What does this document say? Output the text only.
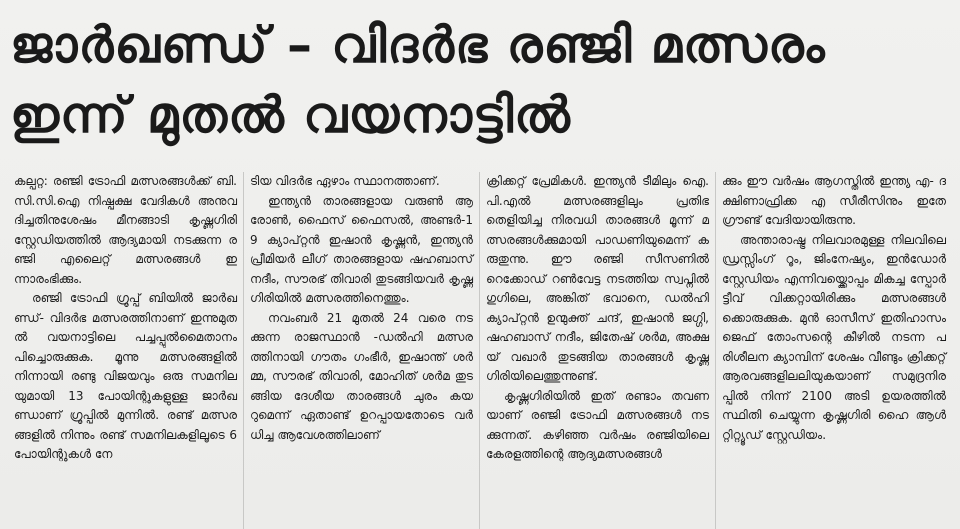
ജാർഖണ്ഡ് – വിദർഭ രഞ്ജി മത്സരം
ഇന്ന് മുതൽ വയനാട്ടിൽ

കല്പറ്റ: രഞ്ജി ട്രോഫി മത്സരങ്ങൾക്ക് ബി.സി.സി.ഐ നിഷ്പക്ഷ വേദികൾ അനുവദിച്ചതിനുശേഷം മീനങ്ങാടി കൃഷ്ണഗിരി സ്റ്റേഡിയത്തിൽ ആദ്യമായി നടക്കുന്ന രഞ്ജി എലൈറ്റ് മത്സരങ്ങൾ ഇന്നാരംഭിക്കും.

രഞ്ജി ട്രോഫി ഗ്രൂപ്പ് ബിയിൽ ജാർഖണ്ഡ്- വിദർഭ മത്സരത്തിനാണ് ഇന്നുമുതൽ വയനാട്ടിലെ പച്ചപ്പുൽമൈതാനം പിച്ചൊരുക്കുക. മൂന്നു മത്സരങ്ങളിൽ നിന്നായി രണ്ടു വിജയവും ഒരു സമനിലയുമായി 13 പോയിന്റുകളുള്ള ജാർഖണ്ഡാണ് ഗ്രൂപ്പിൽ മുന്നിൽ. രണ്ട് മത്സരങ്ങളിൽ നിന്നും രണ്ട് സമനിലകളിലൂടെ 6 പോയിന്റുകൾ നേ

ടിയ വിദർഭ ഏഴാം സ്ഥാനത്താണ്.

ഇന്ത്യൻ താരങ്ങളായ വരുൺ ആരോൺ, ഫൈസ് ഫൈസൽ, അണ്ടർ-19 ക്യാപ്റ്റൻ ഇഷാൻ കൃഷ്ണൻ, ഇന്ത്യൻ പ്രീമിയർ ലീഗ് താരങ്ങളായ ഷഹബാസ് നദീം, സൗരഭ് തിവാരി തുടങ്ങിയവർ കൃഷ്ണഗിരിയിൽ മത്സരത്തിനെത്തും.

നവംബർ 21 മുതൽ 24 വരെ നടക്കുന്ന രാജസ്ഥാൻ -ഡൽഹി മത്സരത്തിനായി ഗൗതം ഗംഭീർ, ഇഷാന്ത് ശർമ്മ, സൗരഭ് തിവാരി, മോഹിത് ശർമ തുടങ്ങിയ ദേശീയ താരങ്ങൾ ചുരം കയറുമെന്ന് ഏതാണ്ട് ഉറപ്പായതോടെ വർധിച്ച ആവേശത്തിലാണ്

ക്രിക്കറ്റ് പ്രേമികൾ. ഇന്ത്യൻ ടീമിലും ഐ.പി.എൽ മത്സരങ്ങളിലും പ്രതിഭ തെളിയിച്ച നിരവധി താരങ്ങൾ മൂന്ന് മത്സരങ്ങൾക്കുമായി പാഡണിയുമെന്ന് കരുതുന്നു. ഈ രഞ്ജി സീസണിൽ റെക്കോഡ് റൺവേട്ട നടത്തിയ സ്വപ്നിൽ ഗുഗിലെ, അങ്കിത് ഭവാനെ, ഡൽഹി ക്യാപ്റ്റൻ ഉന്മുക്ത് ചന്ദ്, ഇഷാൻ ജഗ്ഗി, ഷഹബാസ് നദീം, ജിതേഷ് ശർമ, അക്ഷയ് വഖാർ തുടങ്ങിയ താരങ്ങൾ കൃഷ്ണഗിരിയിലെത്തുന്നുണ്ട്.

കൃഷ്ണഗിരിയിൽ ഇത് രണ്ടാം തവണയാണ് രഞ്ജി ട്രോഫി മത്സരങ്ങൾ നടക്കുന്നത്. കഴിഞ്ഞ വർഷം രഞ്ജിയിലെ കേരളത്തിന്റെ ആദ്യമത്സരങ്ങൾ

ക്കും ഈ വർഷം ആഗസ്തിൽ ഇന്ത്യ എ- ദക്ഷിണാഫ്രിക്ക എ സീരീസിനും ഇതേ ഗ്രൗണ്ട് വേദിയായിരുന്നു.

അന്താരാഷ്ട്ര നിലവാരമുള്ള നിലവിലെ ഡ്രസ്സിംഗ് റൂം, ജിംനേഷ്യം, ഇൻഡോർ സ്റ്റേഡിയം എന്നിവയ്ക്കൊപ്പം മികച്ച സ്പോർട്ടീവ് വിക്കറ്റായിരിക്കും മത്സരങ്ങൾക്കൊരുക്കുക. മുൻ ഓസീസ് ഇതിഹാസം ജെഫ് തോംസന്റെ കീഴിൽ നടന്ന പരിശീലന ക്യാമ്പിന് ശേഷം വീണ്ടും ക്രിക്കറ്റ് ആരവങ്ങളിലലിയുകയാണ് സമുദ്രനിരപ്പിൽ നിന്ന് 2100 അടി ഉയരത്തിൽ സ്ഥിതി ചെയ്യുന്ന കൃഷ്ണഗിരി ഹൈ ആൾറ്റിറ്റ്യൂഡ് സ്റ്റേഡിയം.
